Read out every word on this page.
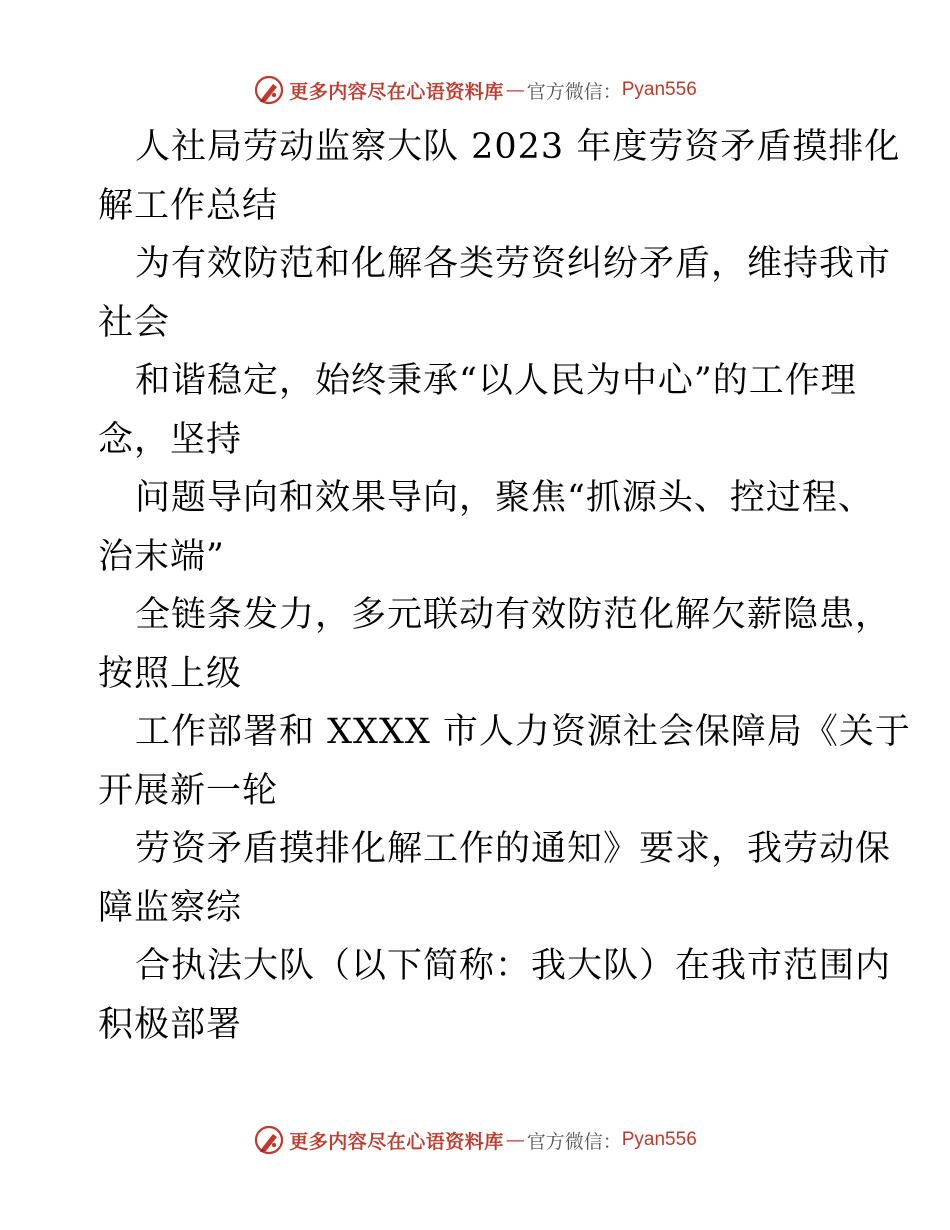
更多内容尽在心语资料库 — 官方微信： Pyan556
人社局劳动监察大队 2023 年度劳资矛盾摸排化
解工作总结
为有效防范和化解各类劳资纠纷矛盾，维持我市
社会
和谐稳定，始终秉承“以人民为中心”的工作理
念，坚持
问题导向和效果导向，聚焦“抓源头、控过程、
治末端”
全链条发力，多元联动有效防范化解欠薪隐患，
按照上级
工作部署和 XXXX 市人力资源社会保障局《关于
开展新一轮
劳资矛盾摸排化解工作的通知》要求，我劳动保
障监察综
合执法大队（以下简称：我大队）在我市范围内
积极部署
更多内容尽在心语资料库 — 官方微信： Pyan556
